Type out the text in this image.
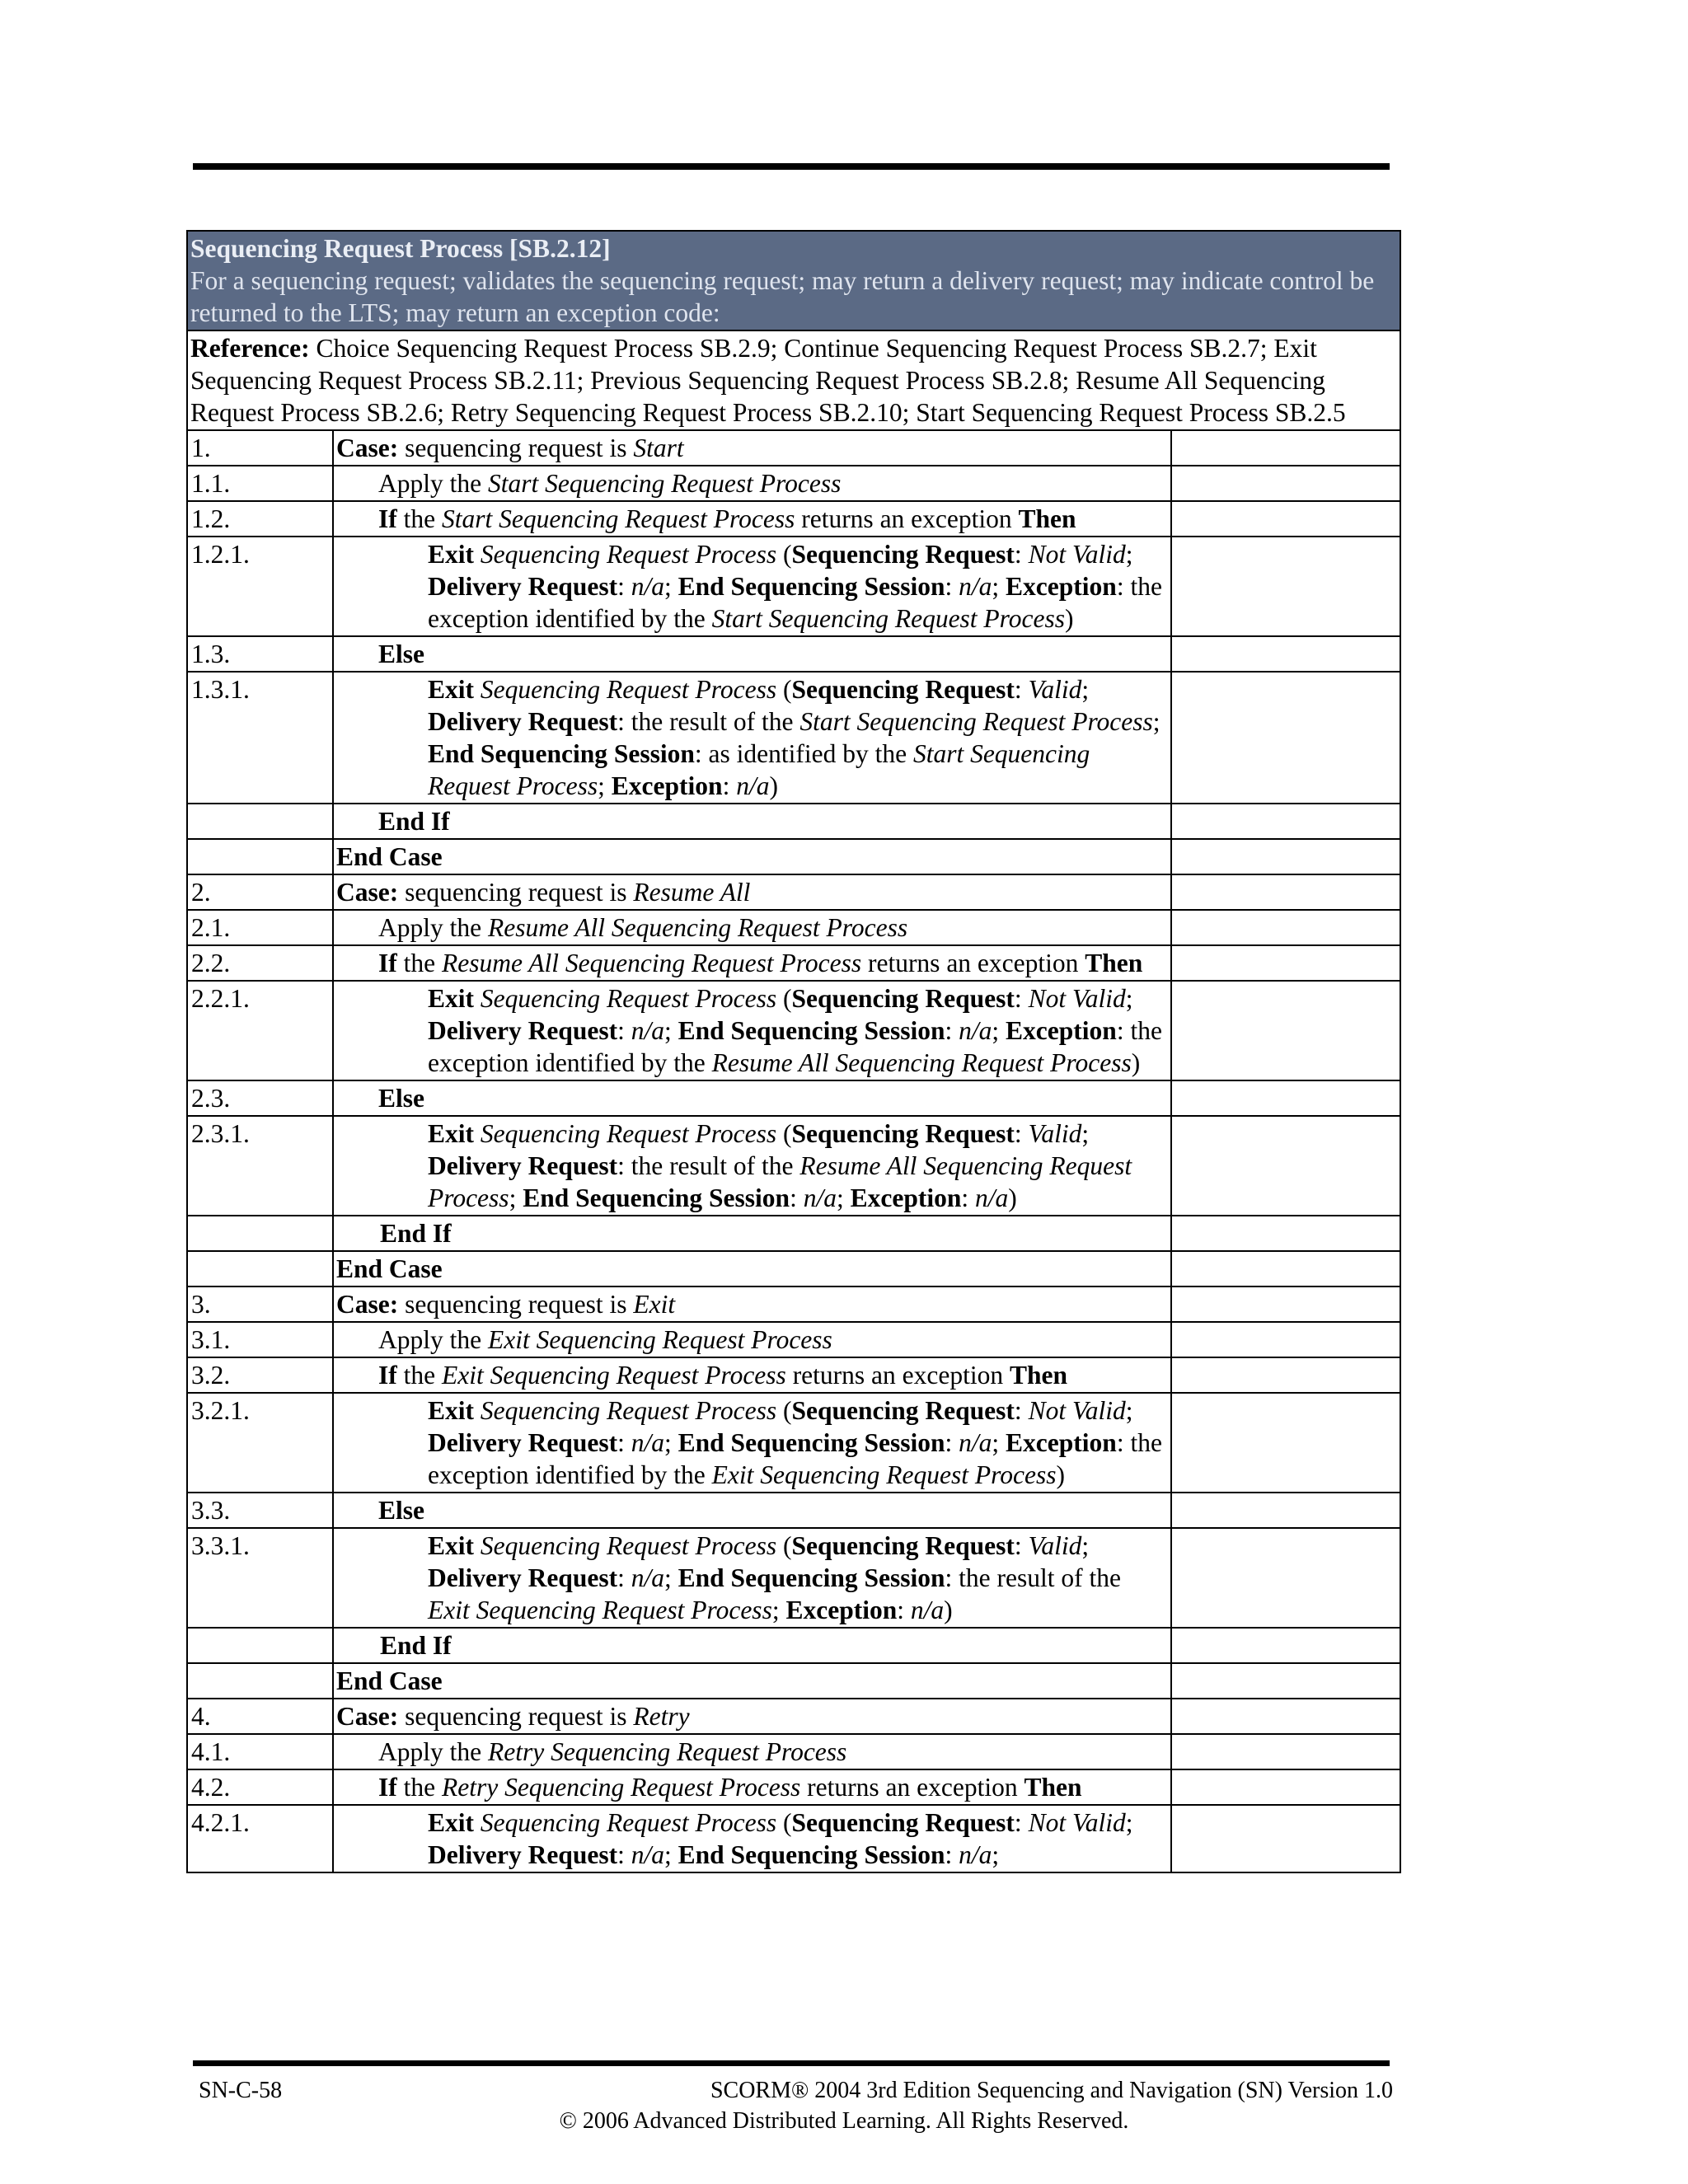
Sequencing Request Process [SB.2.12]
For a sequencing request; validates the sequencing request; may return a delivery request; may indicate control be returned to the LTS; may return an exception code:		

Reference: Choice Sequencing Request Process SB.2.9; Continue Sequencing Request Process SB.2.7; Exit Sequencing Request Process SB.2.11; Previous Sequencing Request Process SB.2.8; Resume All Sequencing Request Process SB.2.6; Retry Sequencing Request Process SB.2.10; Start Sequencing Request Process SB.2.5		
1.	Case: sequencing request is Start	
1.1.	Apply the Start Sequencing Request Process	
1.2.	If the Start Sequencing Request Process returns an exception Then	
1.2.1.	Exit Sequencing Request Process (Sequencing Request: Not Valid; Delivery Request: n/a; End Sequencing Session: n/a; Exception: the exception identified by the Start Sequencing Request Process)	
1.3.	Else	
1.3.1.	Exit Sequencing Request Process (Sequencing Request: Valid; Delivery Request: the result of the Start Sequencing Request Process; End Sequencing Session: as identified by the Start Sequencing Request Process; Exception: n/a)	
	End If	
	End Case	
2.	Case: sequencing request is Resume All	
2.1.	Apply the Resume All Sequencing Request Process	
2.2.	If the Resume All Sequencing Request Process returns an exception Then	
2.2.1.	Exit Sequencing Request Process (Sequencing Request: Not Valid; Delivery Request: n/a; End Sequencing Session: n/a; Exception: the exception identified by the Resume All Sequencing Request Process)	
2.3.	Else	
2.3.1.	Exit Sequencing Request Process (Sequencing Request: Valid; Delivery Request: the result of the Resume All Sequencing Request Process; End Sequencing Session: n/a; Exception: n/a)	
	End If	
	End Case	
3.	Case: sequencing request is Exit	
3.1.	Apply the Exit Sequencing Request Process	
3.2.	If the Exit Sequencing Request Process returns an exception Then	
3.2.1.	Exit Sequencing Request Process (Sequencing Request: Not Valid; Delivery Request: n/a; End Sequencing Session: n/a; Exception: the exception identified by the Exit Sequencing Request Process)	
3.3.	Else	
3.3.1.	Exit Sequencing Request Process (Sequencing Request: Valid; Delivery Request: n/a; End Sequencing Session: the result of the Exit Sequencing Request Process; Exception: n/a)	
	End If	
	End Case	
4.	Case: sequencing request is Retry	
4.1.	Apply the Retry Sequencing Request Process	
4.2.	If the Retry Sequencing Request Process returns an exception Then	
4.2.1.	Exit Sequencing Request Process (Sequencing Request: Not Valid; Delivery Request: n/a; End Sequencing Session: n/a;	
SN-C-58	SCORM® 2004 3rd Edition Sequencing and Navigation (SN) Version 1.0
© 2006 Advanced Distributed Learning. All Rights Reserved.
